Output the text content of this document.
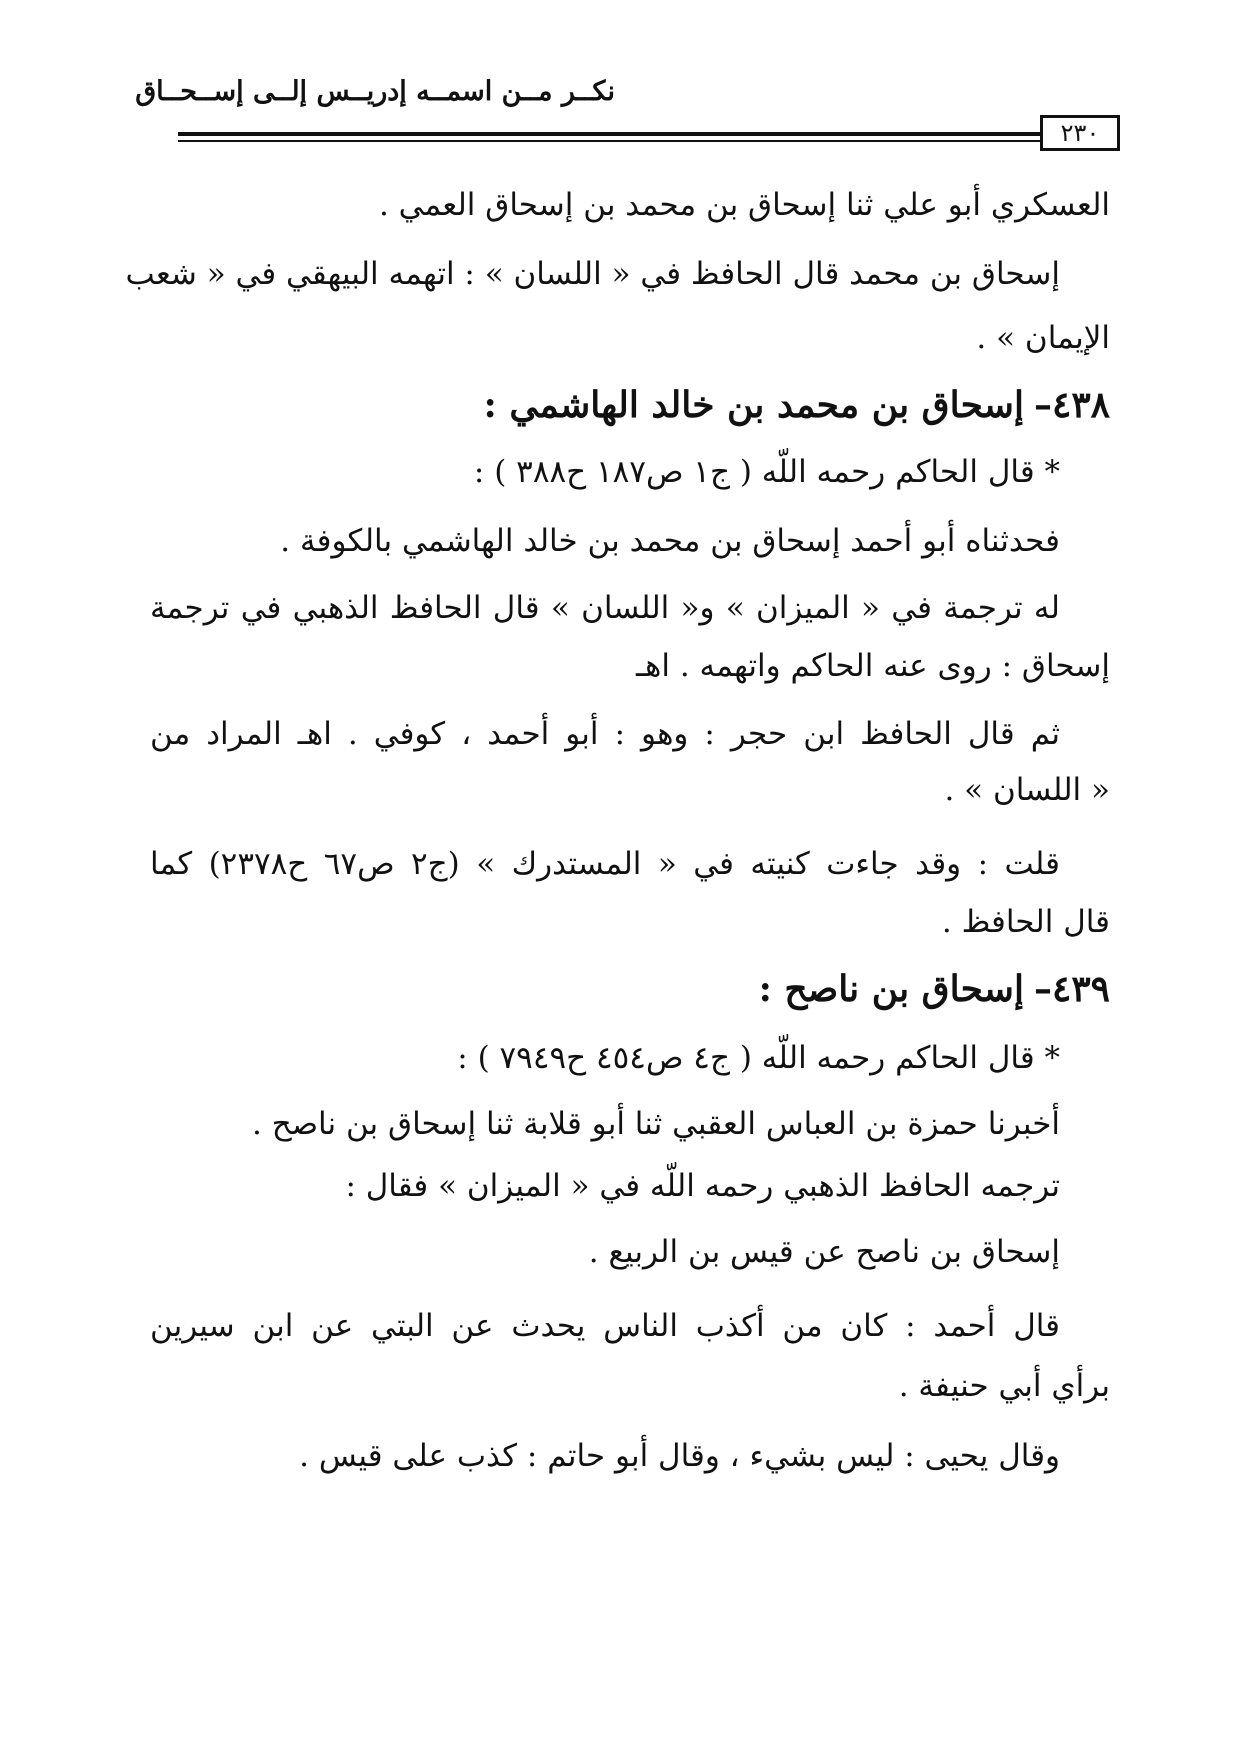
نكــر مــن اسمــه إدريــس إلــى إســحــاق
٢٣٠
العسكري أبو علي ثنا إسحاق بن محمد بن إسحاق العمي .
إسحاق بن محمد قال الحافظ في « اللسان » : اتهمه البيهقي في « شعب
الإيمان » .
٤٣٨–إسحاق بن محمد بن خالد الهاشمي :
* قال الحاكم رحمه اللّه ( ج١ ص١٨٧ ح٣٨٨ ) :
فحدثناه أبو أحمد إسحاق بن محمد بن خالد الهاشمي بالكوفة .
له ترجمة في « الميزان » و« اللسان » قال الحافظ الذهبي في ترجمة
إسحاق : روى عنه الحاكم واتهمه . اهـ
ثم قال الحافظ ابن حجر : وهو : أبو أحمد ، كوفي . اهـ المراد من
« اللسان » .
قلت : وقد جاءت كنيته في « المستدرك » (ج٢ ص٦٧ ح٢٣٧٨) كما
قال الحافظ .
٤٣٩–إسحاق بن ناصح :
* قال الحاكم رحمه اللّه ( ج٤ ص٤٥٤ ح٧٩٤٩ ) :
أخبرنا حمزة بن العباس العقبي ثنا أبو قلابة ثنا إسحاق بن ناصح .
ترجمه الحافظ الذهبي رحمه اللّه في « الميزان » فقال :
إسحاق بن ناصح عن قيس بن الربيع .
قال أحمد : كان من أكذب الناس يحدث عن البتي عن ابن سيرين
برأي أبي حنيفة .
وقال يحيى : ليس بشيء ، وقال أبو حاتم : كذب على قيس .
